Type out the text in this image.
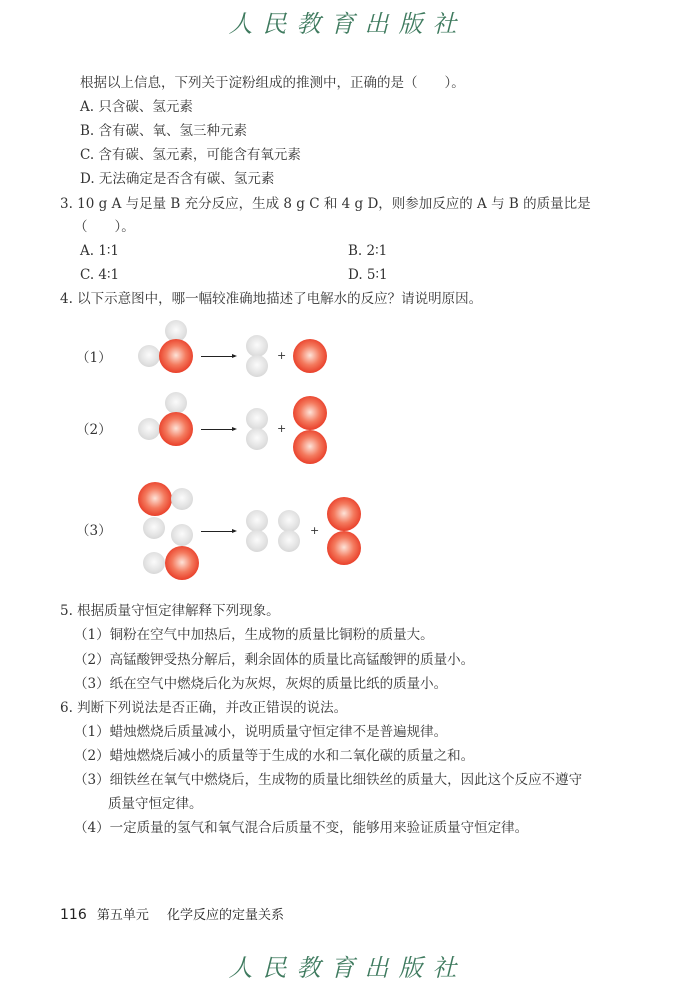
人民教育出版社
根据以上信息，下列关于淀粉组成的推测中，正确的是（　　）。
A. 只含碳、氢元素
B. 含有碳、氧、氢三种元素
C. 含有碳、氢元素，可能含有氧元素
D. 无法确定是否含有碳、氢元素
3. 10 g A 与足量 B 充分反应，生成 8 g C 和 4 g D，则参加反应的 A 与 B 的质量比是
（　　）。
A. 1∶1	B. 2∶1
C. 4∶1	D. 5∶1
4. 以下示意图中，哪一幅较准确地描述了电解水的反应？请说明原因。
（1）	+
（2）	+
（3）	+
5. 根据质量守恒定律解释下列现象。
（1）铜粉在空气中加热后，生成物的质量比铜粉的质量大。
（2）高锰酸钾受热分解后，剩余固体的质量比高锰酸钾的质量小。
（3）纸在空气中燃烧后化为灰烬，灰烬的质量比纸的质量小。
6. 判断下列说法是否正确，并改正错误的说法。
（1）蜡烛燃烧后质量减小，说明质量守恒定律不是普遍规律。
（2）蜡烛燃烧后减小的质量等于生成的水和二氧化碳的质量之和。
（3）细铁丝在氧气中燃烧后，生成物的质量比细铁丝的质量大，因此这个反应不遵守
质量守恒定律。
（4）一定质量的氢气和氧气混合后质量不变，能够用来验证质量守恒定律。
116 第五单元 化学反应的定量关系
人民教育出版社
